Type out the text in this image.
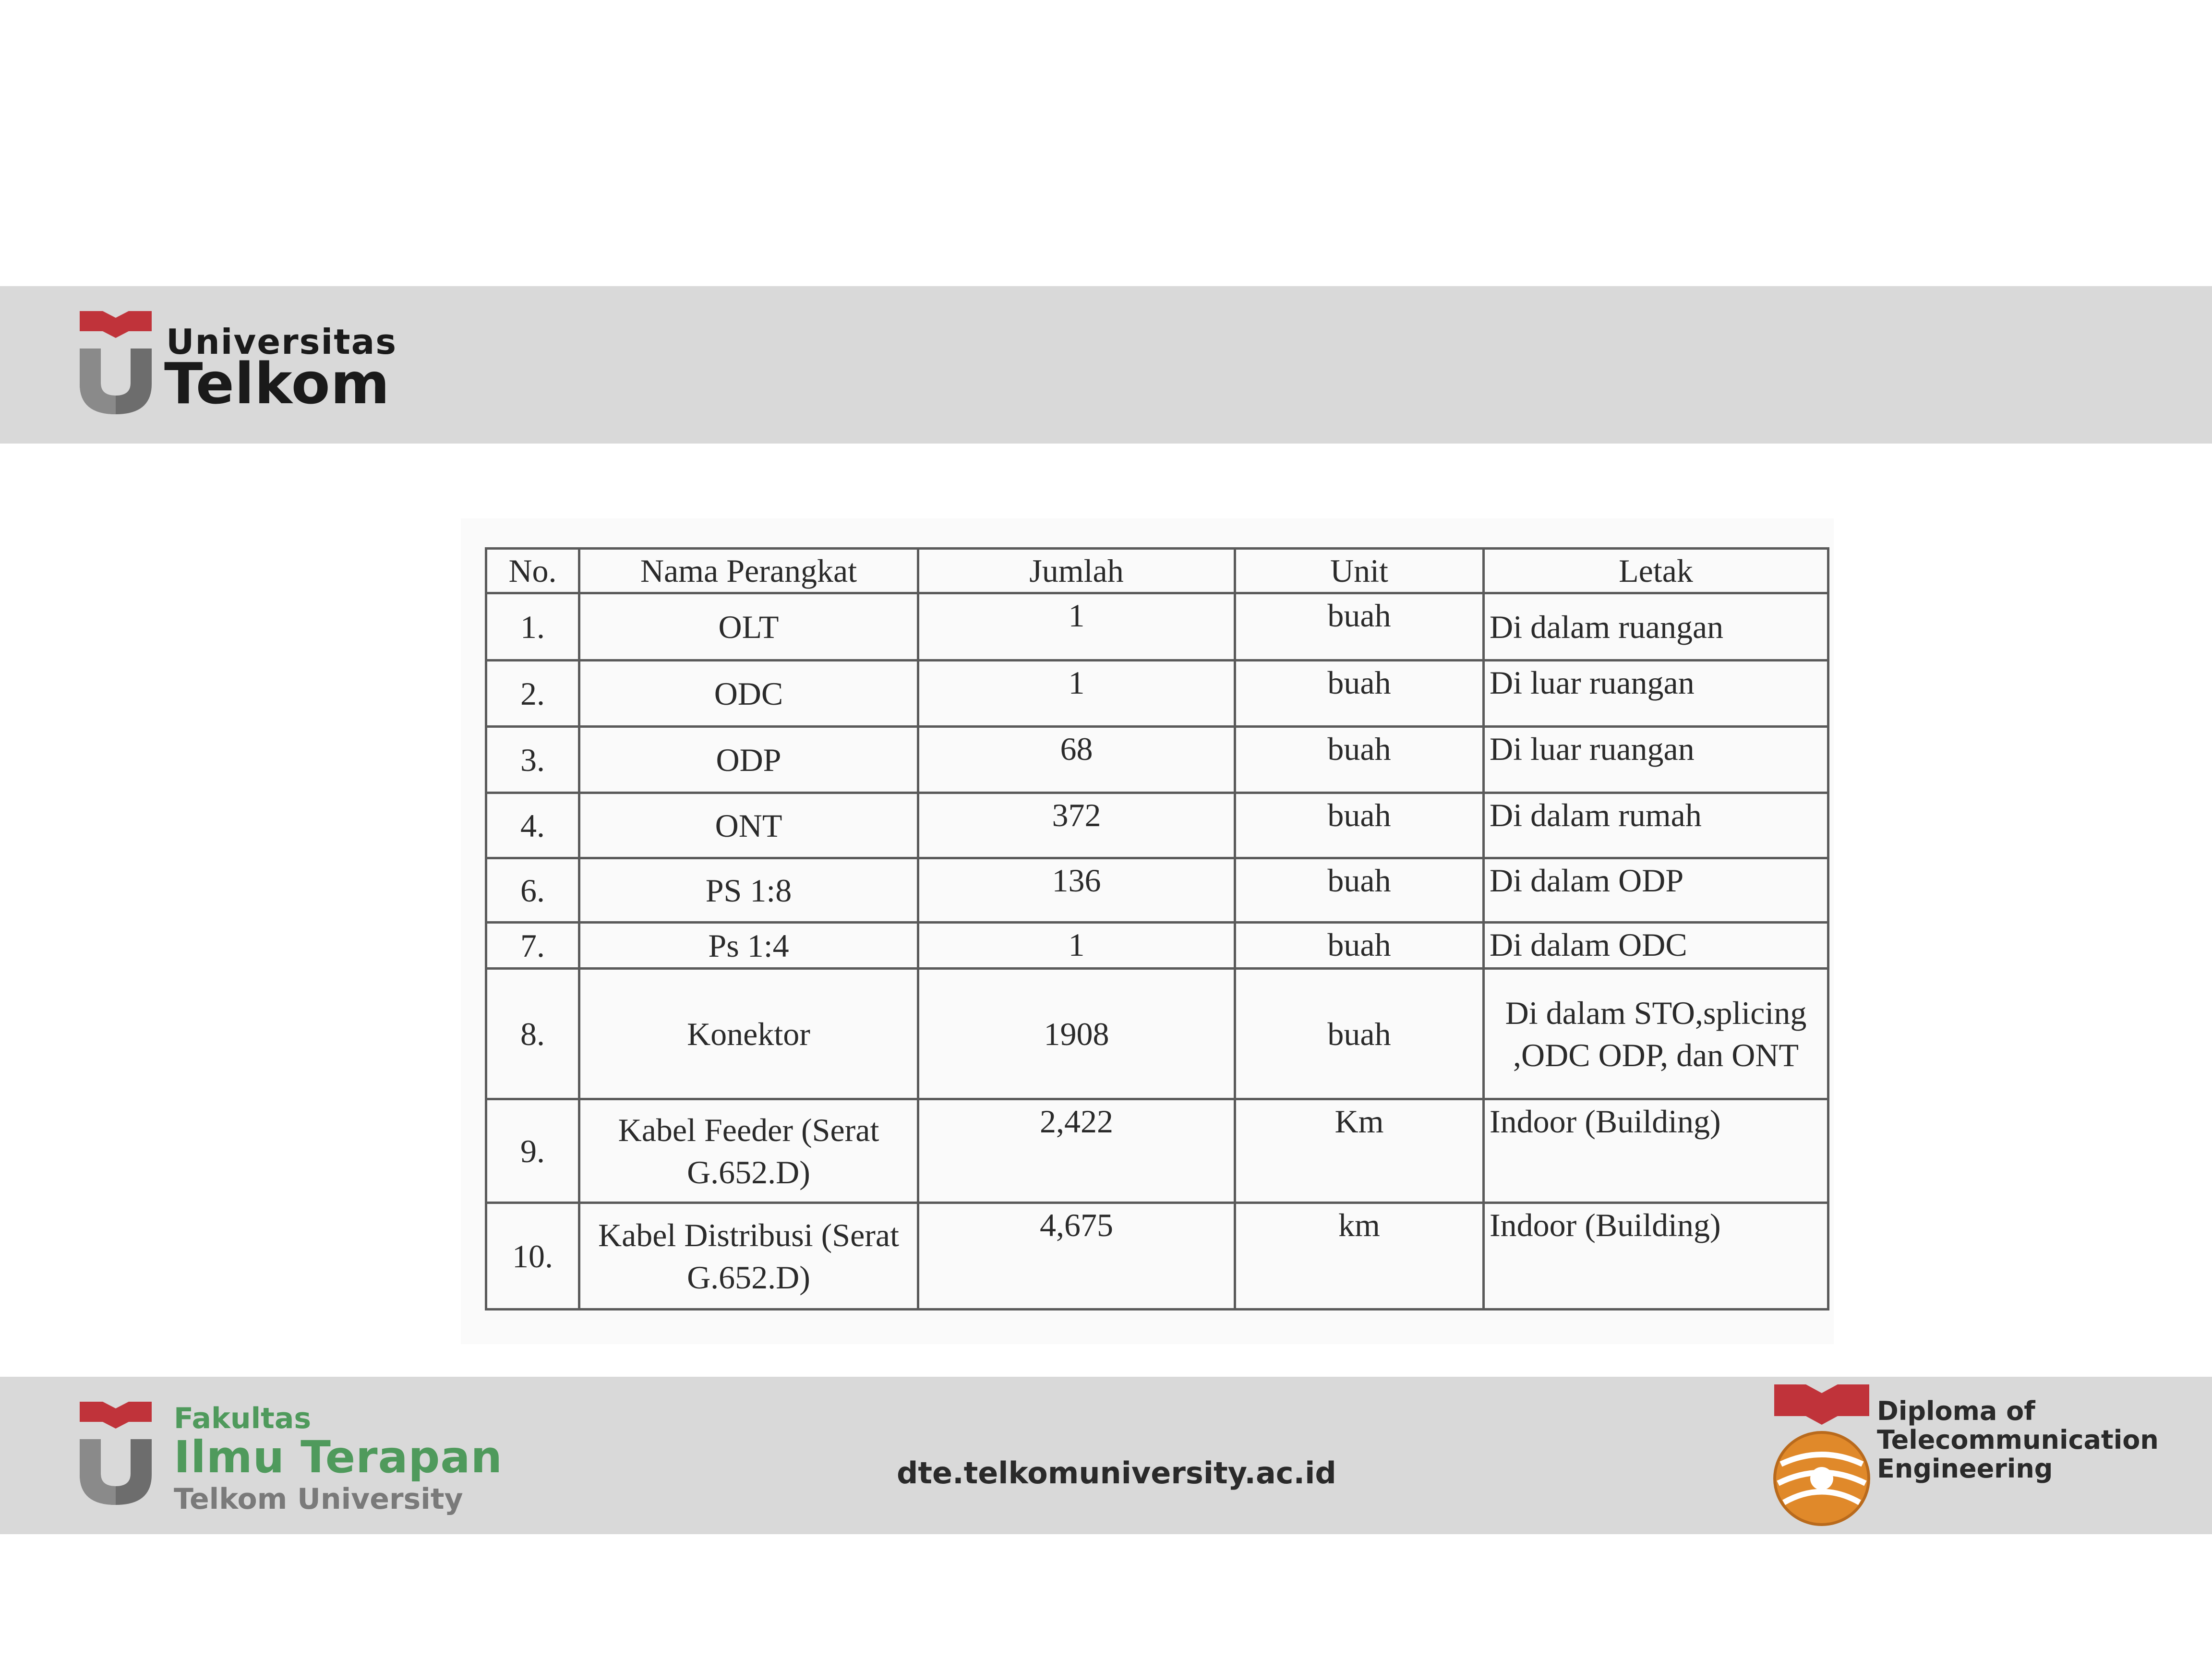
Universitas
Telkom
No.	Nama Perangkat	Jumlah	Unit	Letak
1.	OLT	1	buah	Di dalam ruangan
2.	ODC	1	buah	Di luar ruangan
3.	ODP	68	buah	Di luar ruangan
4.	ONT	372	buah	Di dalam rumah
6.	PS 1:8	136	buah	Di dalam ODP
7.	Ps 1:4	1	buah	Di dalam ODC
8.	Konektor	1908	buah	Di dalam STO,splicing ,ODC ODP, dan ONT
9.	Kabel Feeder (Serat G.652.D)	2,422	Km	Indoor (Building)
10.	Kabel Distribusi (Serat G.652.D)	4,675	km	Indoor (Building)
Fakultas
Ilmu Terapan
Telkom University
dte.telkomuniversity.ac.id
Diploma of
Telecommunication
Engineering
